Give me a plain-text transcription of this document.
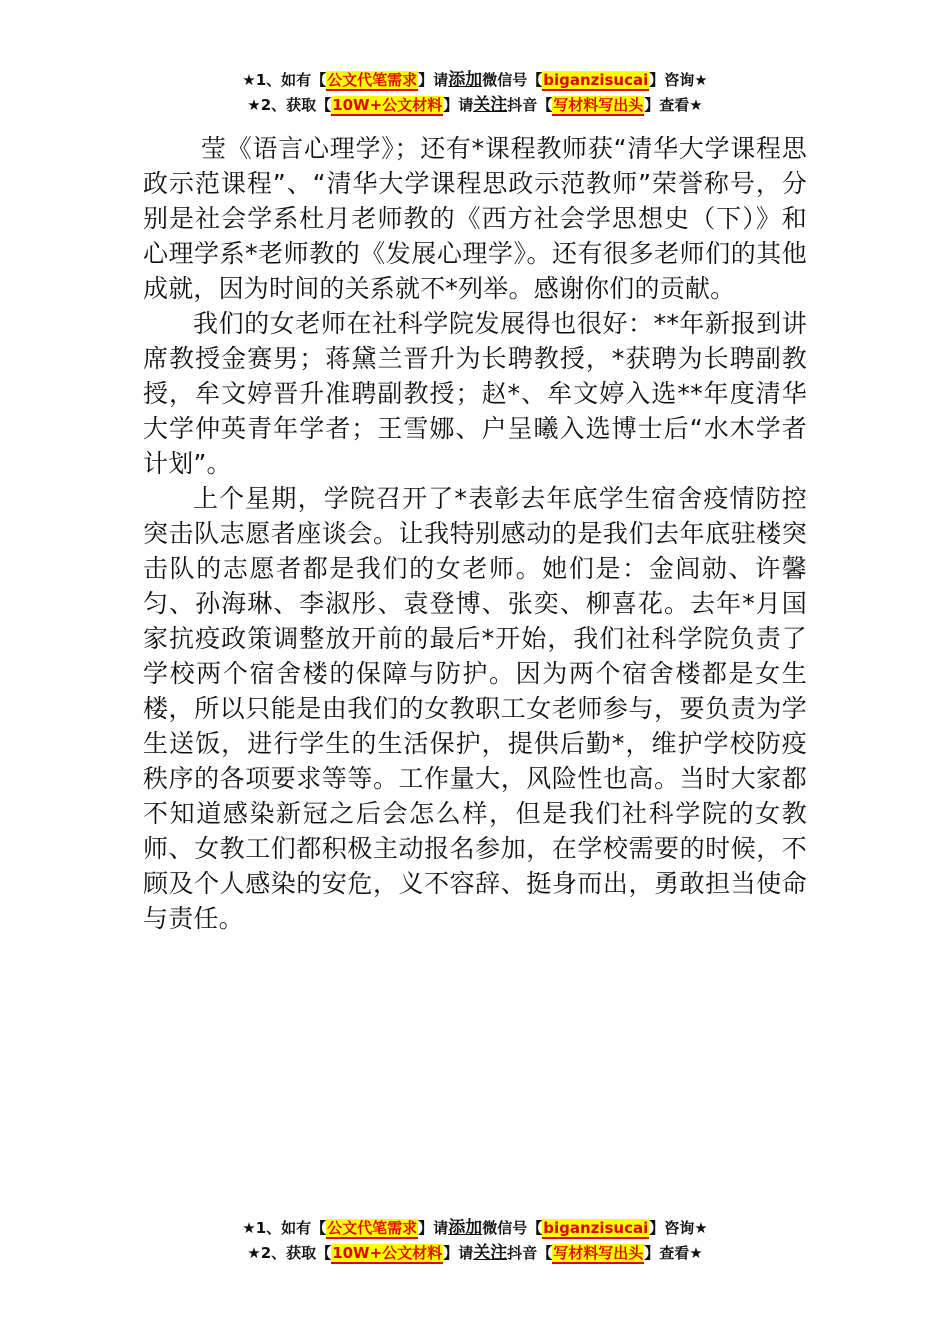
★1、如有【公文代笔需求】请添加微信号【biganzisucai】咨询★
★2、获取【10W+公文材料】请关注抖音【写材料写出头】查看★

莹《语言心理学》；还有*课程教师获“清华大学课程思政示范课程”、“清华大学课程思政示范教师”荣誉称号，分别是社会学系杜月老师教的《西方社会学思想史（下）》和心理学系*老师教的《发展心理学》。还有很多老师们的其他成就，因为时间的关系就不*列举。感谢你们的贡献。

我们的女老师在社科学院发展得也很好：**年新报到讲席教授金赛男；蒋黛兰晋升为长聘教授，*获聘为长聘副教授，牟文婷晋升准聘副教授；赵*、牟文婷入选**年度清华大学仲英青年学者；王雪娜、户呈曦入选博士后“水木学者计划”。

上个星期，学院召开了*表彰去年底学生宿舍疫情防控突击队志愿者座谈会。让我特别感动的是我们去年底驻楼突击队的志愿者都是我们的女老师。她们是：金闾勍、许馨匀、孙海琳、李淑彤、袁登博、张奕、柳喜花。去年*月国家抗疫政策调整放开前的最后*开始，我们社科学院负责了学校两个宿舍楼的保障与防护。因为两个宿舍楼都是女生楼，所以只能是由我们的女教职工女老师参与，要负责为学生送饭，进行学生的生活保护，提供后勤*，维护学校防疫秩序的各项要求等等。工作量大，风险性也高。当时大家都不知道感染新冠之后会怎么样，但是我们社科学院的女教师、女教工们都积极主动报名参加，在学校需要的时候，不顾及个人感染的安危，义不容辞、挺身而出，勇敢担当使命与责任。

★1、如有【公文代笔需求】请添加微信号【biganzisucai】咨询★
★2、获取【10W+公文材料】请关注抖音【写材料写出头】查看★
